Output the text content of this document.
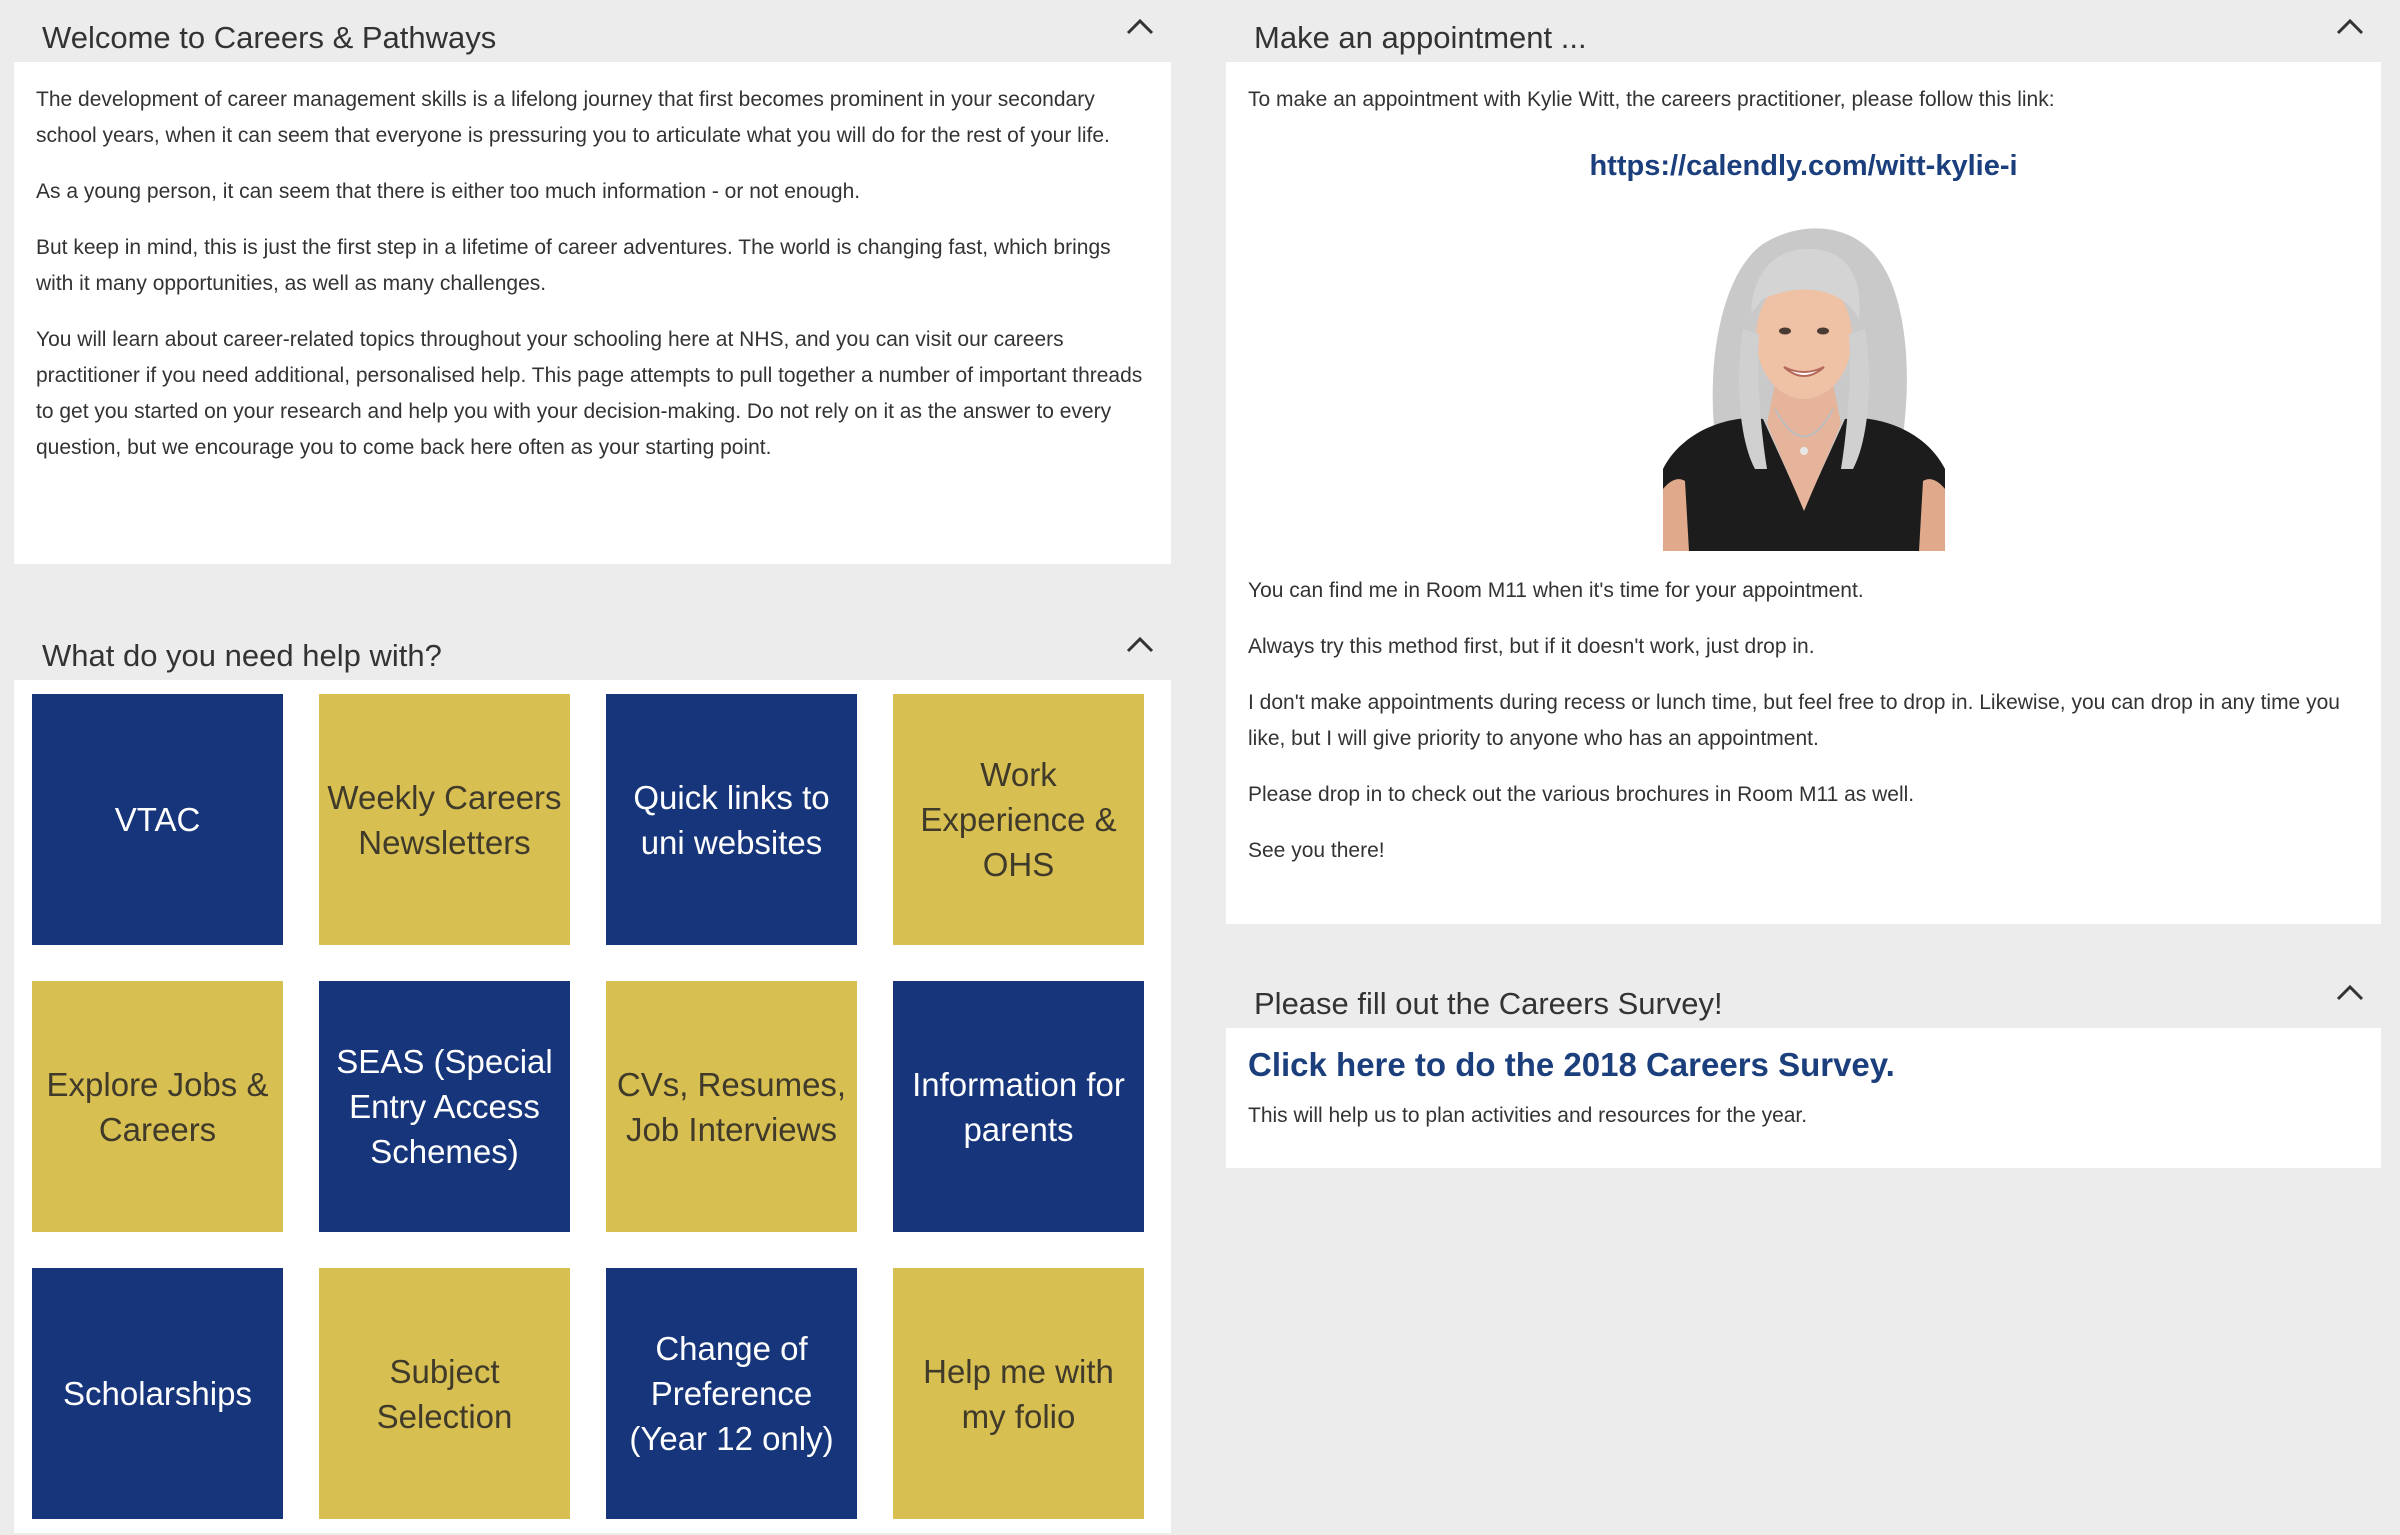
Welcome to Careers & Pathways

The development of career management skills is a lifelong journey that first becomes prominent in your secondary school years, when it can seem that everyone is pressuring you to articulate what you will do for the rest of your life.

As a young person, it can seem that there is either too much information - or not enough.

But keep in mind, this is just the first step in a lifetime of career adventures. The world is changing fast, which brings with it many opportunities, as well as many challenges.

You will learn about career-related topics throughout your schooling here at NHS, and you can visit our careers practitioner if you need additional, personalised help. This page attempts to pull together a number of important threads to get you started on your research and help you with your decision-making. Do not rely on it as the answer to every question, but we encourage you to come back here often as your starting point.

What do you need help with?
VTAC
Weekly Careers Newsletters
Quick links to uni websites
Work Experience & OHS
Explore Jobs & Careers
SEAS (Special Entry Access Schemes)
CVs, Resumes, Job Interviews
Information for parents
Scholarships
Subject Selection
Change of Preference (Year 12 only)
Help me with my folio
Make an appointment ...

To make an appointment with Kylie Witt, the careers practitioner, please follow this link:

https://calendly.com/witt-kylie-i

You can find me in Room M11 when it's time for your appointment.

Always try this method first, but if it doesn't work, just drop in.

I don't make appointments during recess or lunch time, but feel free to drop in. Likewise, you can drop in any time you like, but I will give priority to anyone who has an appointment.

Please drop in to check out the various brochures in Room M11 as well.

See you there!

Please fill out the Careers Survey!
Click here to do the 2018 Careers Survey.

This will help us to plan activities and resources for the year.
